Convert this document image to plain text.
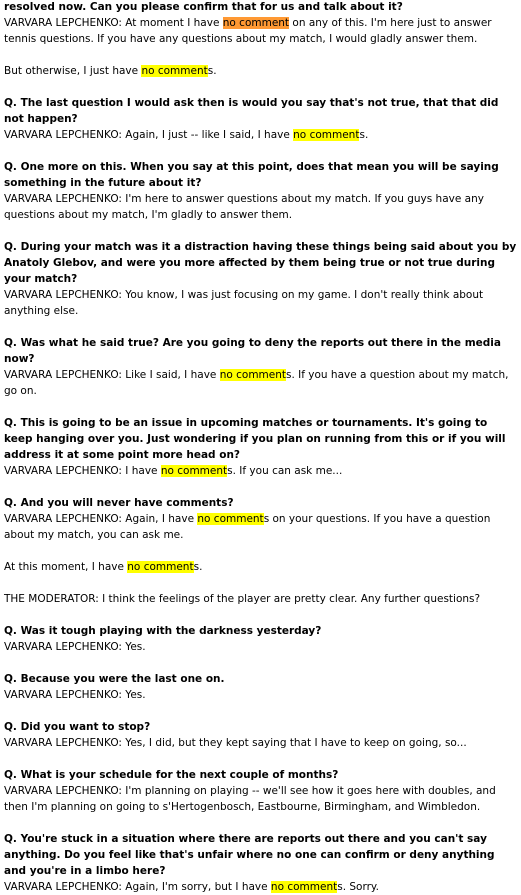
resolved now. Can you please confirm that for us and talk about it?
VARVARA LEPCHENKO: At moment I have no comment on any of this. I'm here just to answer tennis questions. If you have any questions about my match, I would gladly answer them.
But otherwise, I just have no comments.
Q. The last question I would ask then is would you say that's not true, that that did not happen?
VARVARA LEPCHENKO: Again, I just -- like I said, I have no comments.
Q. One more on this. When you say at this point, does that mean you will be saying something in the future about it?
VARVARA LEPCHENKO: I'm here to answer questions about my match. If you guys have any questions about my match, I'm gladly to answer them.
Q. During your match was it a distraction having these things being said about you by Anatoly Glebov, and were you more affected by them being true or not true during your match?
VARVARA LEPCHENKO: You know, I was just focusing on my game. I don't really think about anything else.
Q. Was what he said true? Are you going to deny the reports out there in the media now?
VARVARA LEPCHENKO: Like I said, I have no comments. If you have a question about my match, go on.
Q. This is going to be an issue in upcoming matches or tournaments. It's going to keep hanging over you. Just wondering if you plan on running from this or if you will address it at some point more head on?
VARVARA LEPCHENKO: I have no comments. If you can ask me...
Q. And you will never have comments?
VARVARA LEPCHENKO: Again, I have no comments on your questions. If you have a question about my match, you can ask me.
At this moment, I have no comments.
THE MODERATOR: I think the feelings of the player are pretty clear. Any further questions?
Q. Was it tough playing with the darkness yesterday?
VARVARA LEPCHENKO: Yes.
Q. Because you were the last one on.
VARVARA LEPCHENKO: Yes.
Q. Did you want to stop?
VARVARA LEPCHENKO: Yes, I did, but they kept saying that I have to keep on going, so...
Q. What is your schedule for the next couple of months?
VARVARA LEPCHENKO: I'm planning on playing -- we'll see how it goes here with doubles, and then I'm planning on going to s'Hertogenbosch, Eastbourne, Birmingham, and Wimbledon.
Q. You're stuck in a situation where there are reports out there and you can't say anything. Do you feel like that's unfair where no one can confirm or deny anything and you're in a limbo here?
VARVARA LEPCHENKO: Again, I'm sorry, but I have no comments. Sorry.
